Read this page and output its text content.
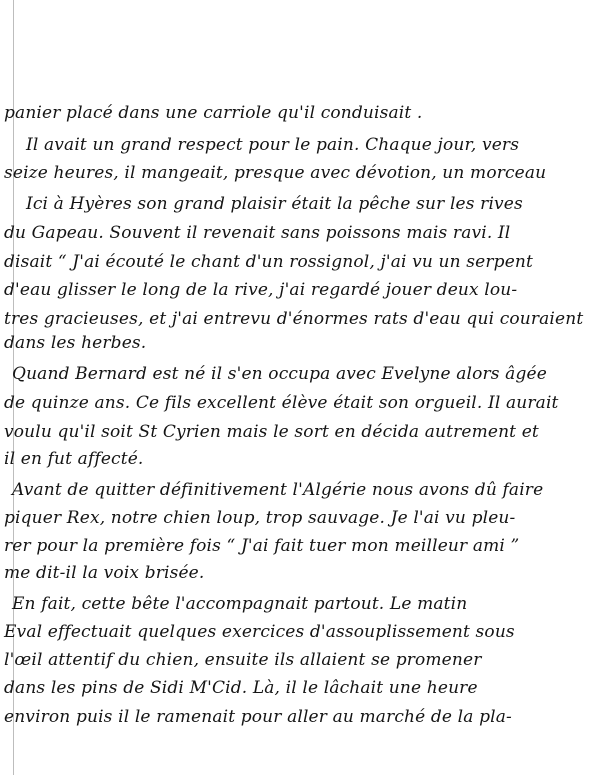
panier placé dans une carriole qu'il conduisait .
Il avait un grand respect pour le pain. Chaque jour, vers
seize heures, il mangeait, presque avec dévotion, un morceau
Ici à Hyères son grand plaisir était la pêche sur les rives
du Gapeau. Souvent il revenait sans poissons mais ravi. Il
disait “ J'ai écouté le chant d'un rossignol, j'ai vu un serpent
d'eau glisser le long de la rive, j'ai regardé jouer deux lou-
tres gracieuses, et j'ai entrevu d'énormes rats d'eau qui couraient
dans les herbes.
Quand Bernard est né il s'en occupa avec Evelyne alors âgée
de quinze ans. Ce fils excellent élève était son orgueil. Il aurait
voulu qu'il soit St Cyrien mais le sort en décida autrement et
il en fut affecté.
Avant de quitter définitivement l'Algérie nous avons dû faire
piquer Rex, notre chien loup, trop sauvage. Je l'ai vu pleu-
rer pour la première fois “ J'ai fait tuer mon meilleur ami ”
me dit-il la voix brisée.
En fait, cette bête l'accompagnait partout. Le matin
Eval effectuait quelques exercices d'assouplissement sous
l'œil attentif du chien, ensuite ils allaient se promener
dans les pins de Sidi M'Cid. Là, il le lâchait une heure
environ puis il le ramenait pour aller au marché de la pla-
